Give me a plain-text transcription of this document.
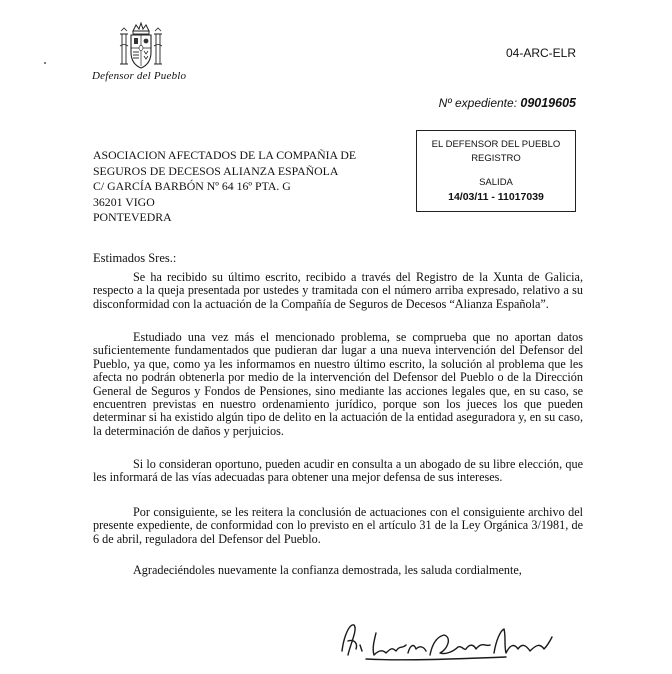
Defensor del Pueblo
04-ARC-ELR
Nº expediente: 09019605
EL DEFENSOR DEL PUEBLO
REGISTRO
SALIDA
14/03/11 - 11017039
ASOCIACION AFECTADOS DE LA COMPAÑIA DE
SEGUROS DE DECESOS ALIANZA ESPAÑOLA
C/ GARCÍA BARBÓN Nº 64 16º PTA. G
36201 VIGO
PONTEVEDRA
Estimados Sres.:

Se ha recibido su último escrito, recibido a través del Registro de la Xunta de Galicia, respecto a la queja presentada por ustedes y tramitada con el número arriba expresado, relativo a su disconformidad con la actuación de la Compañía de Seguros de Decesos “Alianza Española”.

Estudiado una vez más el mencionado problema, se comprueba que no aportan datos suficientemente fundamentados que pudieran dar lugar a una nueva intervención del Defensor del Pueblo, ya que, como ya les informamos en nuestro último escrito, la solución al problema que les afecta no podrán obtenerla por medio de la intervención del Defensor del Pueblo o de la Dirección General de Seguros y Fondos de Pensiones, sino mediante las acciones legales que, en su caso, se encuentren previstas en nuestro ordenamiento jurídico, porque son los jueces los que pueden determinar si ha existido algún tipo de delito en la actuación de la entidad aseguradora y, en su caso, la determinación de daños y perjuicios.

Si lo consideran oportuno, pueden acudir en consulta a un abogado de su libre elección, que les informará de las vías adecuadas para obtener una mejor defensa de sus intereses.

Por consiguiente, se les reitera la conclusión de actuaciones con el consiguiente archivo del presente expediente, de conformidad con lo previsto en el artículo 31 de la Ley Orgánica 3/1981, de 6 de abril, reguladora del Defensor del Pueblo.

Agradeciéndoles nuevamente la confianza demostrada, les saluda cordialmente,
